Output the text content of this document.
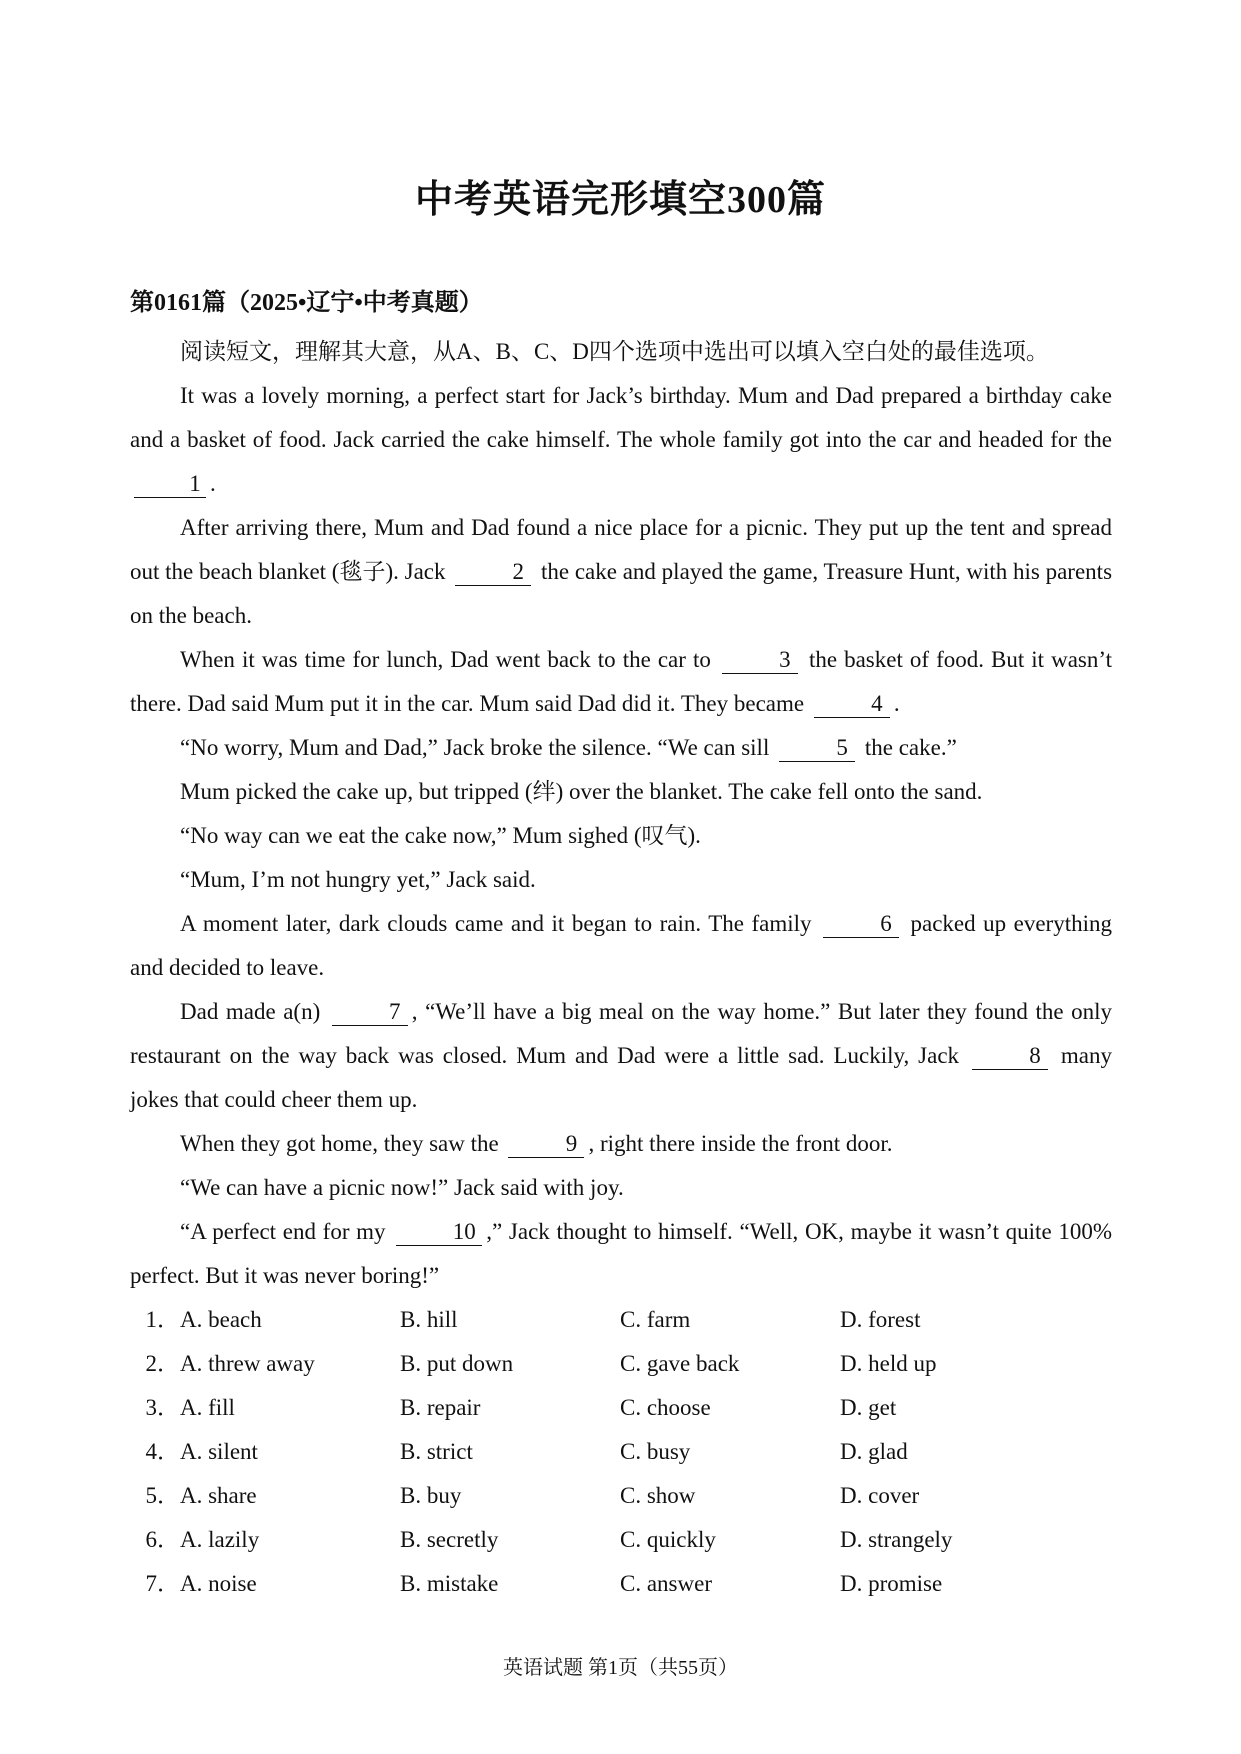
中考英语完形填空300篇
第0161篇（2025•辽宁•中考真题）

阅读短文，理解其大意，从A、B、C、D四个选项中选出可以填入空白处的最佳选项。

It was a lovely morning, a perfect start for Jack’s birthday. Mum and Dad prepared a birthday cake and a basket of food. Jack carried the cake himself. The whole family got into the car and headed for the 1 .

After arriving there, Mum and Dad found a nice place for a picnic. They put up the tent and spread out the beach blanket (毯子). Jack	2 the cake and played the game, Treasure Hunt, with his parents on the beach.

When it was time for lunch, Dad went back to the car to	3 the basket of food. But it wasn’t there. Dad said Mum put it in the car. Mum said Dad did it. They became	4 .

“No worry, Mum and Dad,” Jack broke the silence. “We can sill	5 the cake.”

Mum picked the cake up, but tripped (绊) over the blanket. The cake fell onto the sand.

“No way can we eat the cake now,” Mum sighed (叹气).

“Mum, I’m not hungry yet,” Jack said.

A moment later, dark clouds came and it began to rain. The family	6 packed up everything and decided to leave.

Dad made a(n)	7 , “We’ll have a big meal on the way home.” But later they found the only restaurant on the way back was closed. Mum and Dad were a little sad. Luckily, Jack	8 many jokes that could cheer them up.

When they got home, they saw the	9 , right there inside the front door.

“We can have a picnic now!” Jack said with joy.

“A perfect end for my	10 ,” Jack thought to himself. “Well, OK, maybe it wasn’t quite 100% perfect. But it was never boring!”

1． A. beach	B. hill	C. farm	D. forest
2． A. threw away	B. put down	C. gave back	D. held up
3． A. fill	B. repair	C. choose	D. get
4． A. silent	B. strict	C. busy	D. glad
5． A. share	B. buy	C. show	D. cover
6． A. lazily	B. secretly	C. quickly	D. strangely
7． A. noise	B. mistake	C. answer	D. promise
英语试题 第1页（共55页）
